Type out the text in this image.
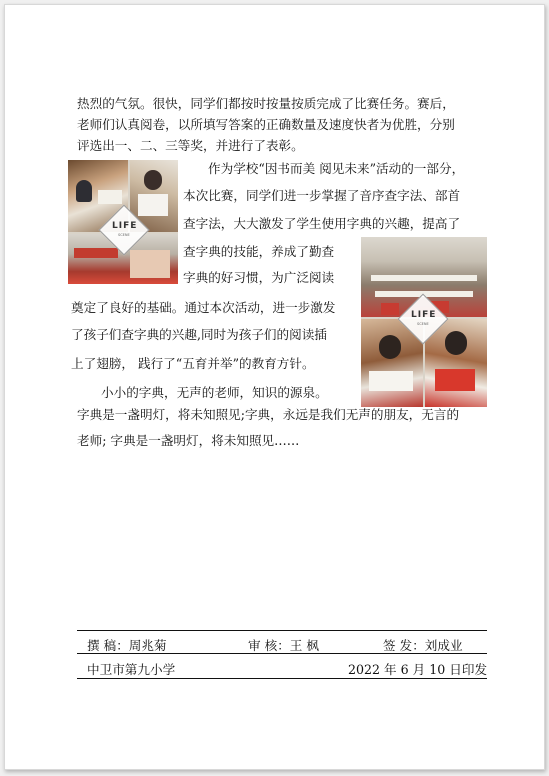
热烈的气氛。很快，同学们都按时按量按质完成了比赛任务。赛后，
老师们认真阅卷，以所填写答案的正确数量及速度快者为优胜，分别
评选出一、二、三等奖，并进行了表彰。
作为学校“因书而美 阅见未来”活动的一部分，
本次比赛，同学们进一步掌握了音序查字法、部首
查字法，大大激发了学生使用字典的兴趣，提高了
查字典的技能，养成了勤查
字典的好习惯，为广泛阅读
奠定了良好的基础。通过本次活动，进一步激发
了孩子们查字典的兴趣,同时为孩子们的阅读插
上了翅膀， 践行了“五育并举”的教育方针。
小小的字典，无声的老师，知识的源泉。
字典是一盏明灯，将未知照见;字典，永远是我们无声的朋友，无言的
老师; 字典是一盏明灯，将未知照见……
LIFE
SCENE
LIFE
SCENE
撰 稿：周兆菊	审 核：王 枫	签 发：刘成业
中卫市第九小学	2022 年 6 月 10 日印发
